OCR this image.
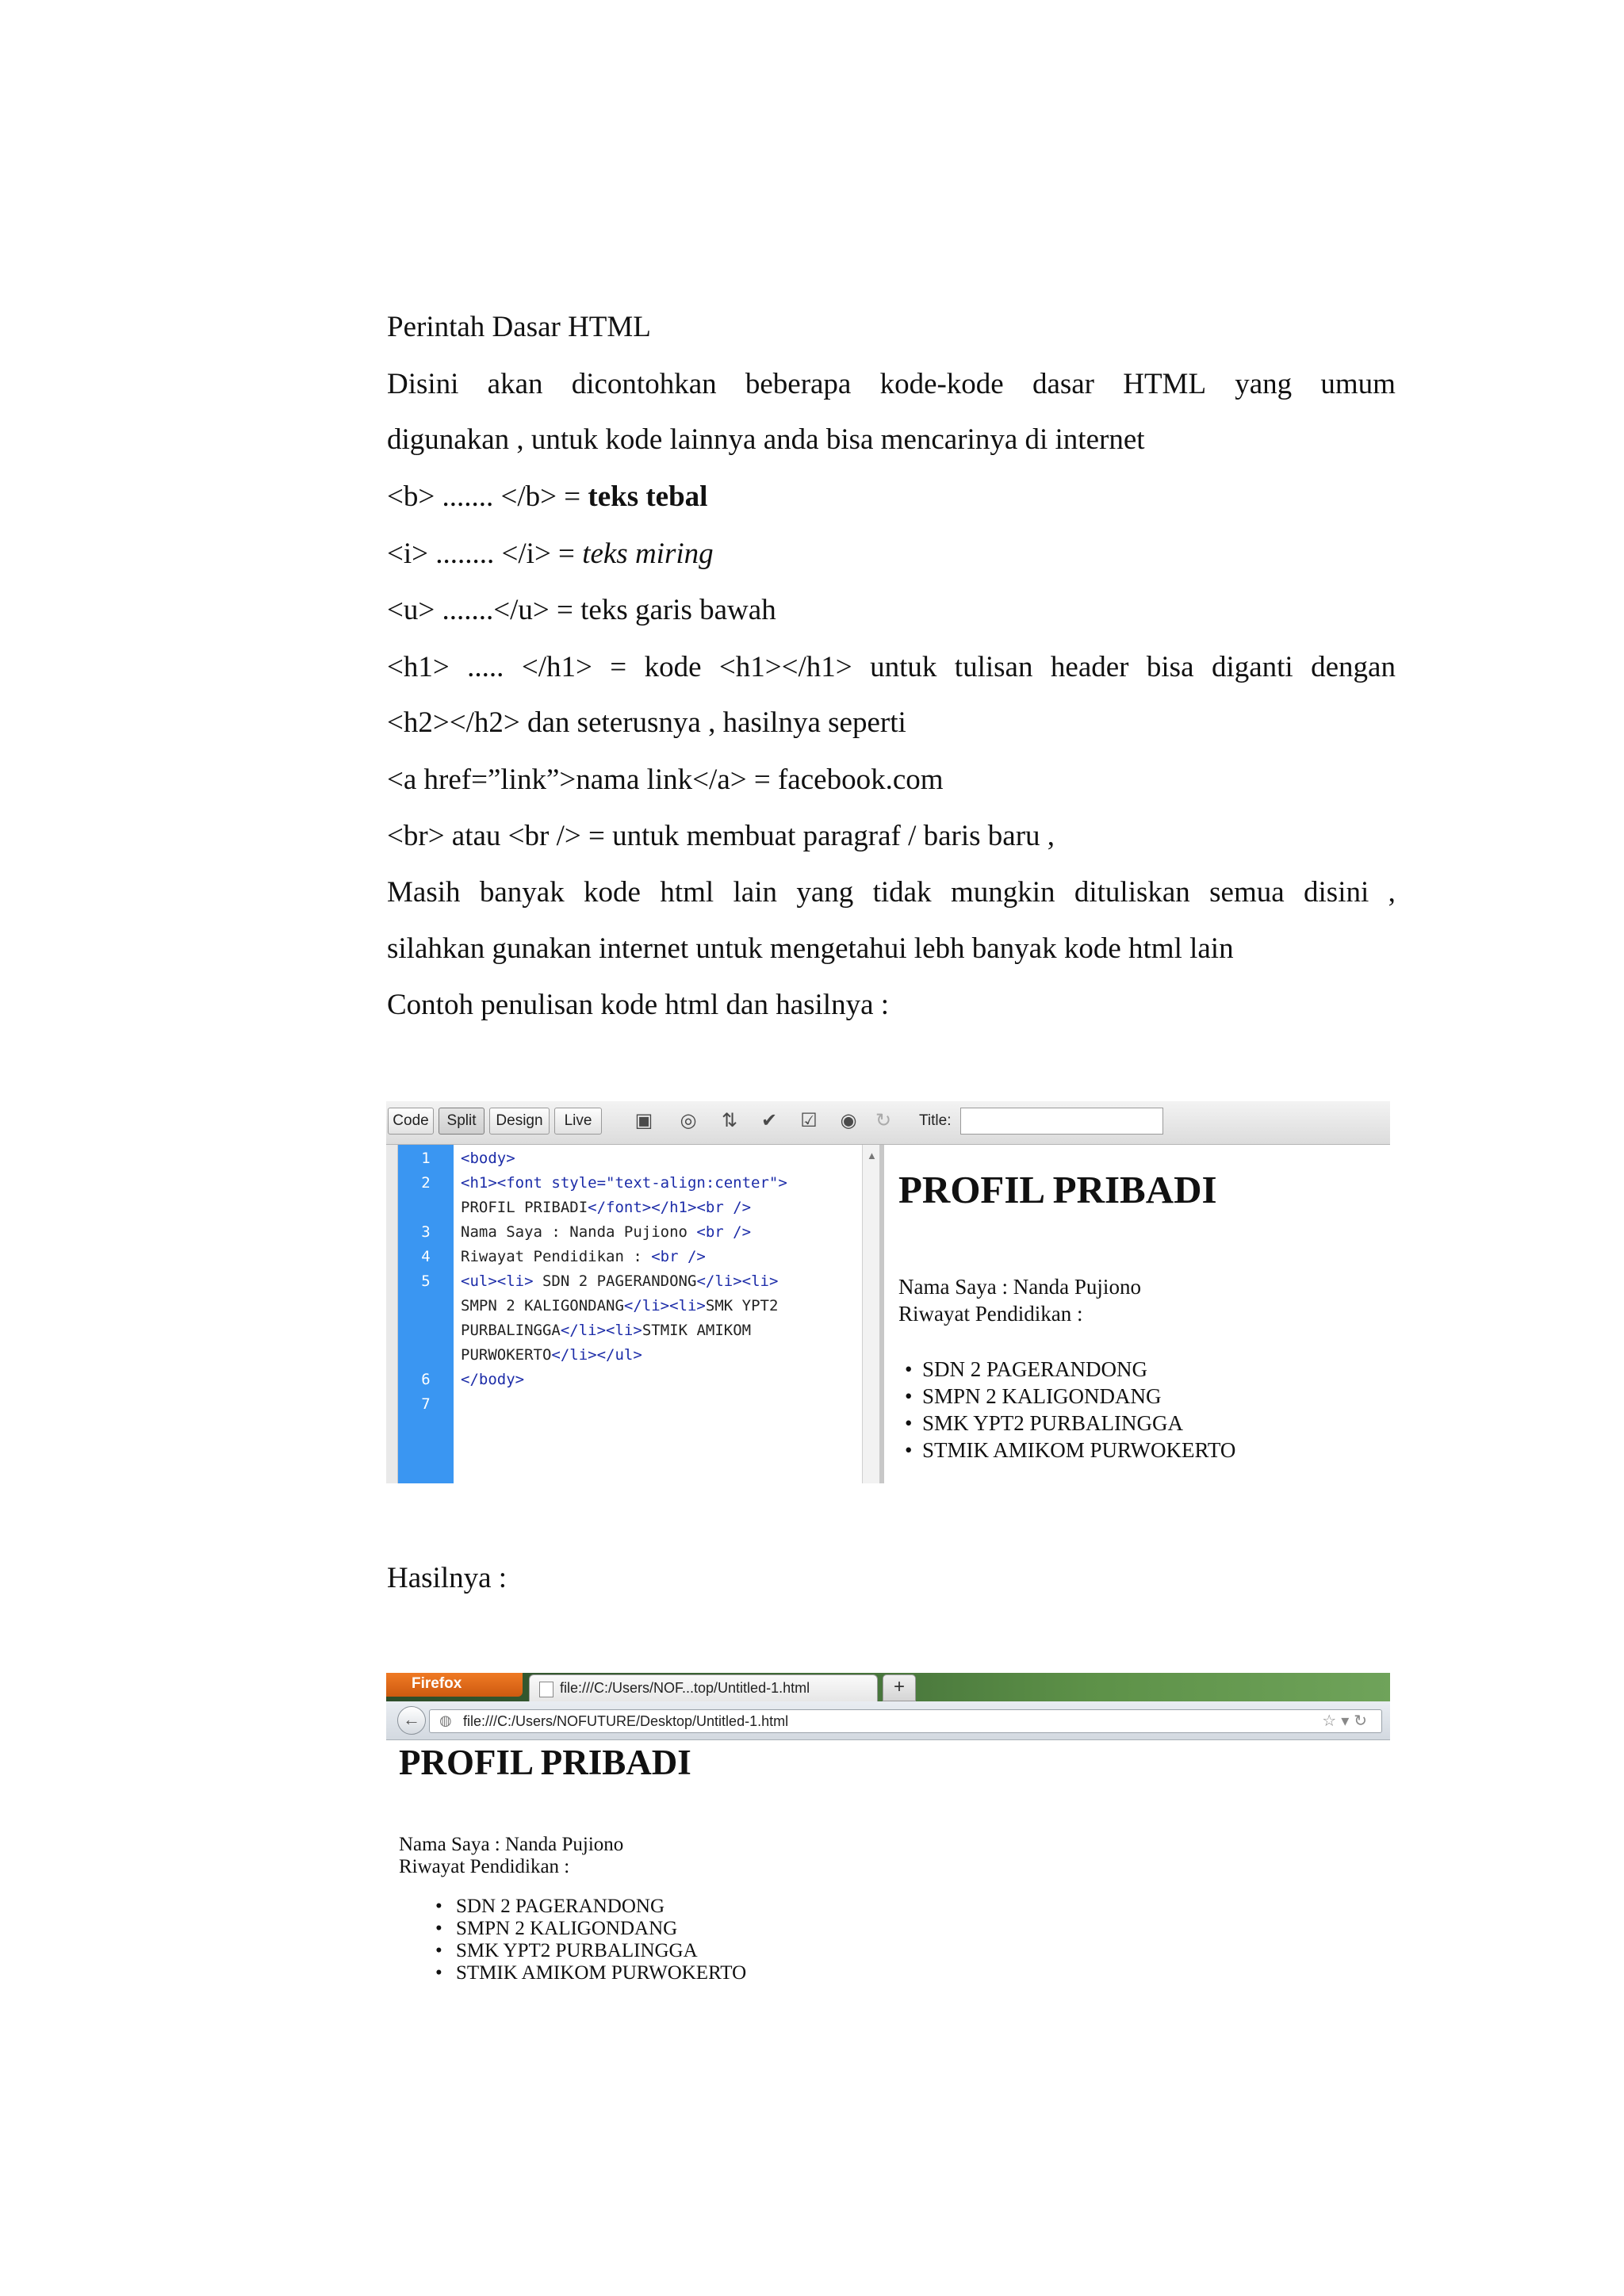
Perintah Dasar HTML
Disini akan dicontohkan beberapa kode-kode dasar HTML yang umum
digunakan , untuk kode lainnya anda bisa mencarinya di internet
<b> ....... </b> = teks tebal
<i> ........ </i> = teks miring
<u> .......</u> = teks garis bawah
<h1> ..... </h1> = kode <h1></h1> untuk tulisan header bisa diganti dengan
<h2></h2> dan seterusnya , hasilnya seperti
<a href=”link”>nama link</a> = facebook.com
<br> atau <br /> = untuk membuat paragraf / baris baru ,
Masih banyak kode html lain yang tidak mungkin dituliskan semua disini ,
silahkan gunakan internet untuk mengetahui lebh banyak kode html lain
Contoh penulisan kode html dan hasilnya :
Hasilnya :
Code	Split	Design	Live	▣ ◎ ⇅ ✔ ☑ ◉ ↻	Title:
1	<body>
2	<h1><font style="text-align:center">
PROFIL PRIBADI</font></h1><br />
3	Nama Saya : Nanda Pujiono <br />
4	Riwayat Pendidikan : <br />
5	<ul><li> SDN 2 PAGERANDONG</li><li>
SMPN 2 KALIGONDANG</li><li>SMK YPT2
PURBALINGGA</li><li>STMIK AMIKOM
PURWOKERTO</li></ul>
6	</body>
7
▲
PROFIL PRIBADI
Nama Saya : Nanda Pujiono
Riwayat Pendidikan :
• SDN 2 PAGERANDONG
• SMPN 2 KALIGONDANG
• SMK YPT2 PURBALINGGA
• STMIK AMIKOM PURWOKERTO
Firefox	file:///C:/Users/NOF...top/Untitled-1.html	+
←	◍ file:///C:/Users/NOFUTURE/Desktop/Untitled-1.html	☆▾↻
PROFIL PRIBADI
Nama Saya : Nanda Pujiono
Riwayat Pendidikan :
• SDN 2 PAGERANDONG
• SMPN 2 KALIGONDANG
• SMK YPT2 PURBALINGGA
• STMIK AMIKOM PURWOKERTO
